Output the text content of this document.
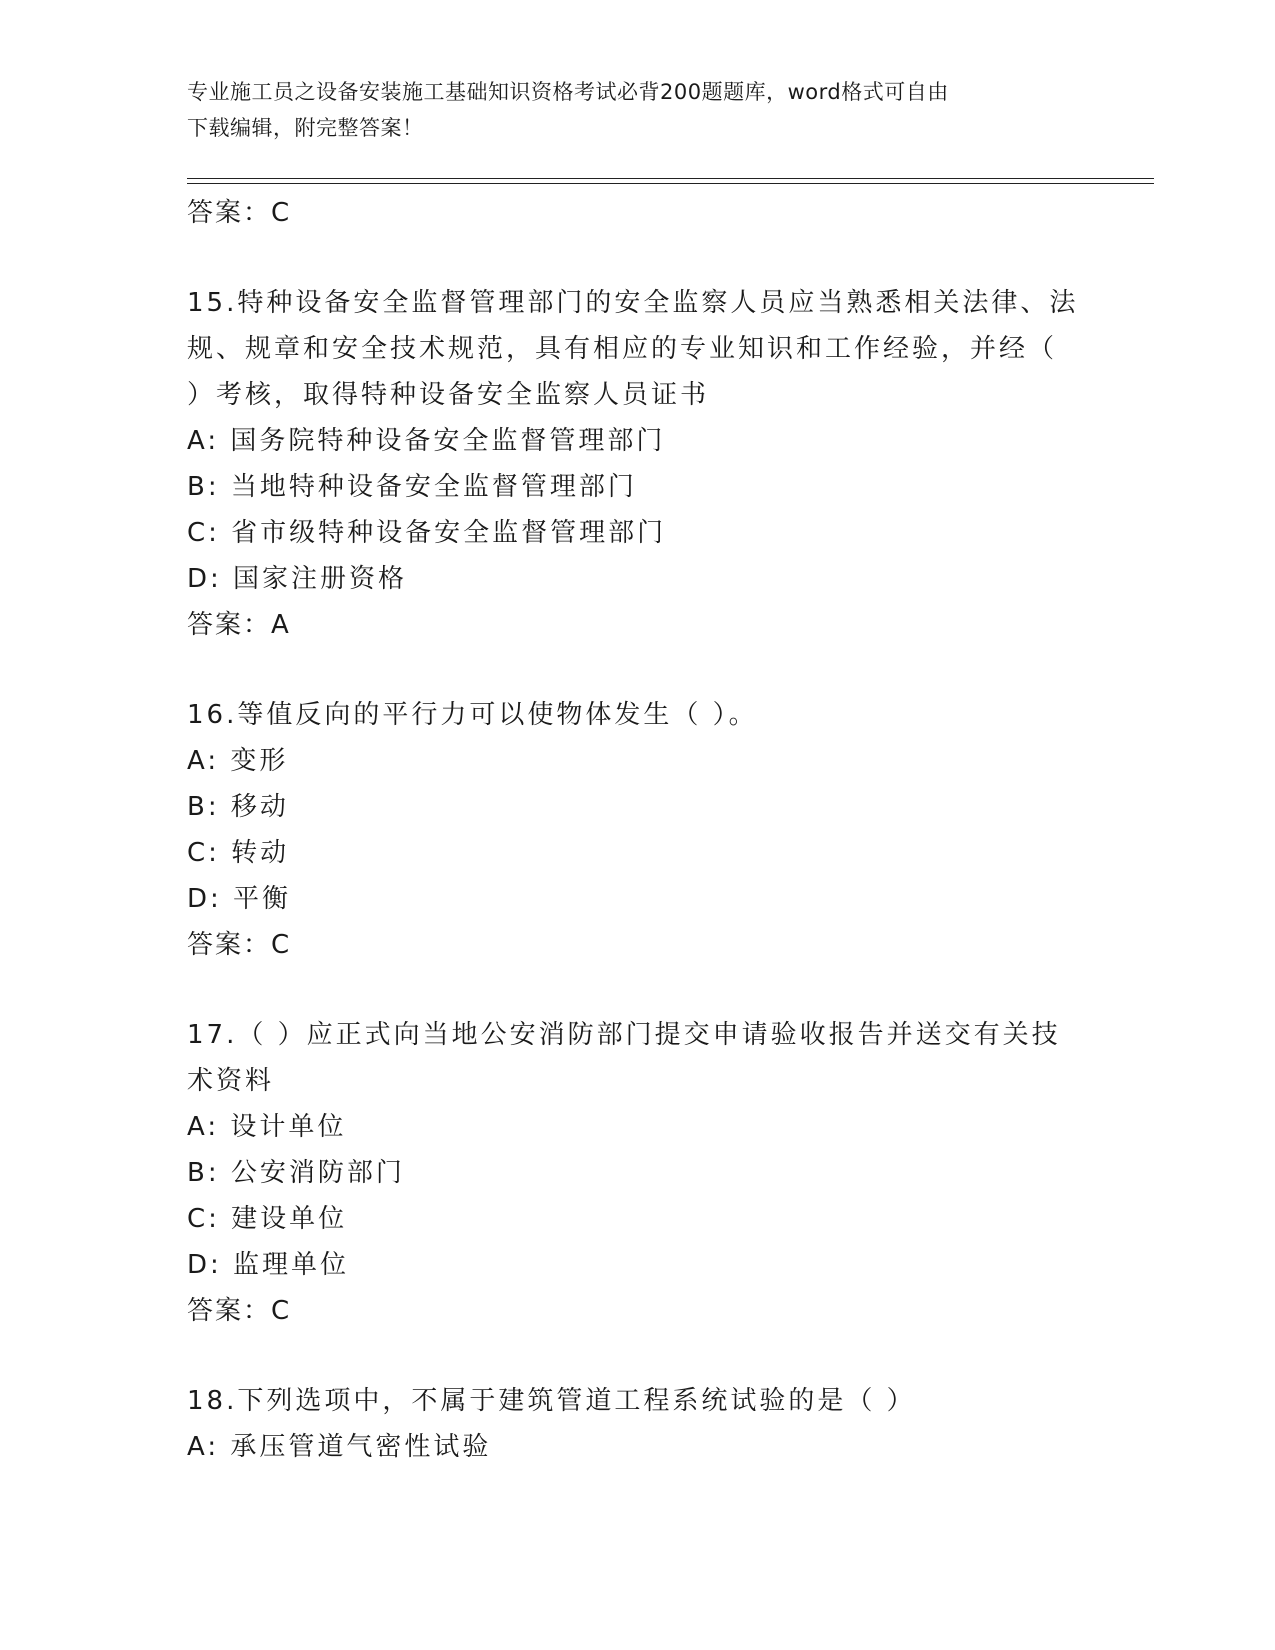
专业施工员之设备安装施工基础知识资格考试必背200题题库，word格式可自由
下载编辑，附完整答案！
答案：C
15.特种设备安全监督管理部门的安全监察人员应当熟悉相关法律、法
规、规章和安全技术规范，具有相应的专业知识和工作经验，并经（
）考核，取得特种设备安全监察人员证书
A: 国务院特种设备安全监督管理部门
B: 当地特种设备安全监督管理部门
C: 省市级特种设备安全监督管理部门
D: 国家注册资格
答案：A
16.等值反向的平行力可以使物体发生（ ）。
A: 变形
B: 移动
C: 转动
D: 平衡
答案：C
17.（ ）应正式向当地公安消防部门提交申请验收报告并送交有关技
术资料
A: 设计单位
B: 公安消防部门
C: 建设单位
D: 监理单位
答案：C
18.下列选项中，不属于建筑管道工程系统试验的是（ ）
A: 承压管道气密性试验
